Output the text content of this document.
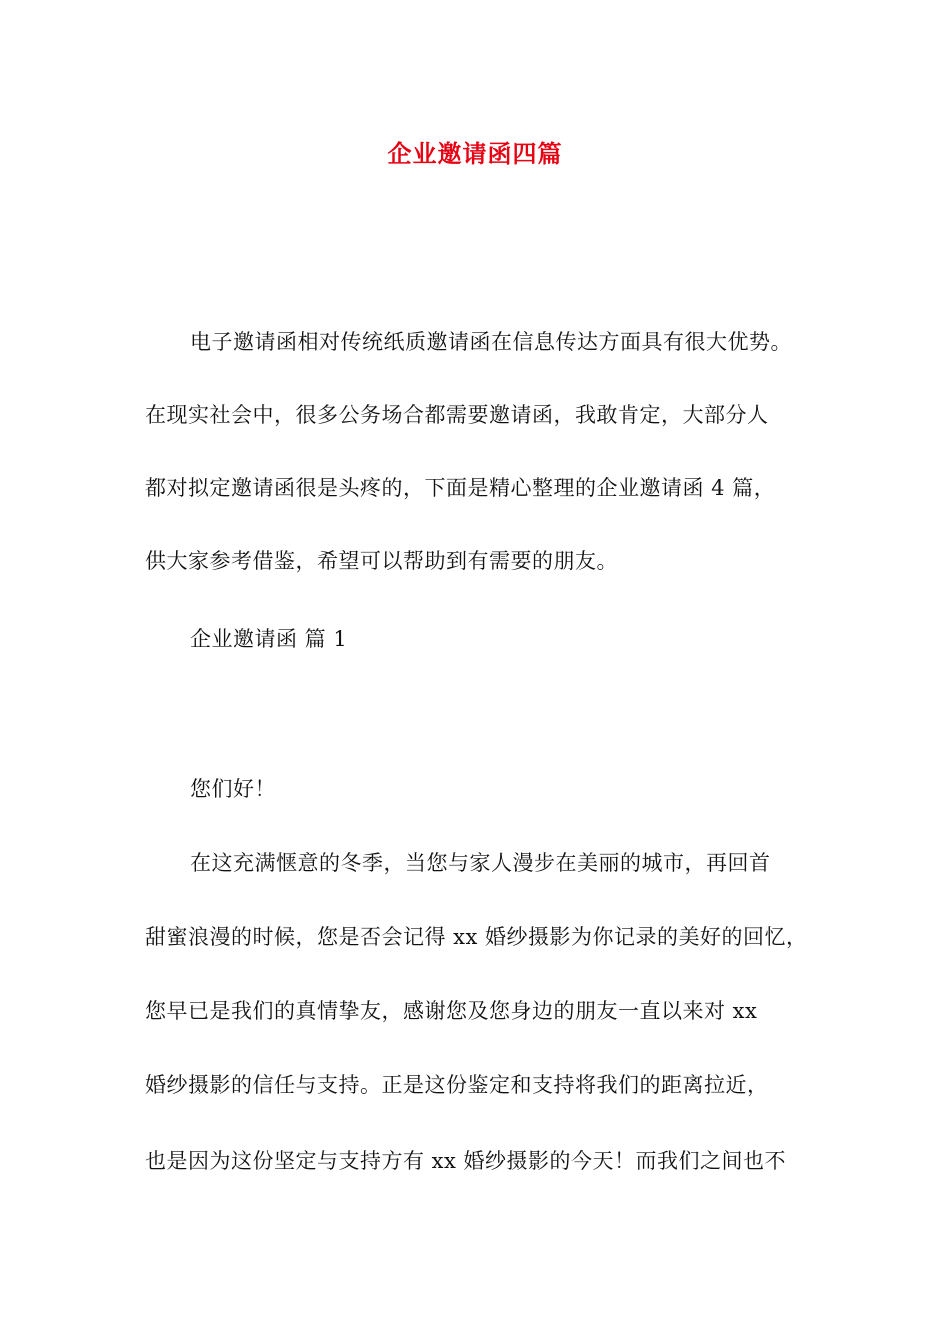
企业邀请函四篇
电子邀请函相对传统纸质邀请函在信息传达方面具有很大优势。
在现实社会中，很多公务场合都需要邀请函，我敢肯定，大部分人
都对拟定邀请函很是头疼的，下面是精心整理的企业邀请函 4 篇，
供大家参考借鉴，希望可以帮助到有需要的朋友。
企业邀请函 篇 1
您们好！
在这充满惬意的冬季，当您与家人漫步在美丽的城市，再回首
甜蜜浪漫的时候，您是否会记得 xx 婚纱摄影为你记录的美好的回忆，
您早已是我们的真情挚友，感谢您及您身边的朋友一直以来对 xx
婚纱摄影的信任与支持。正是这份鉴定和支持将我们的距离拉近，
也是因为这份坚定与支持方有 xx 婚纱摄影的今天！而我们之间也不
